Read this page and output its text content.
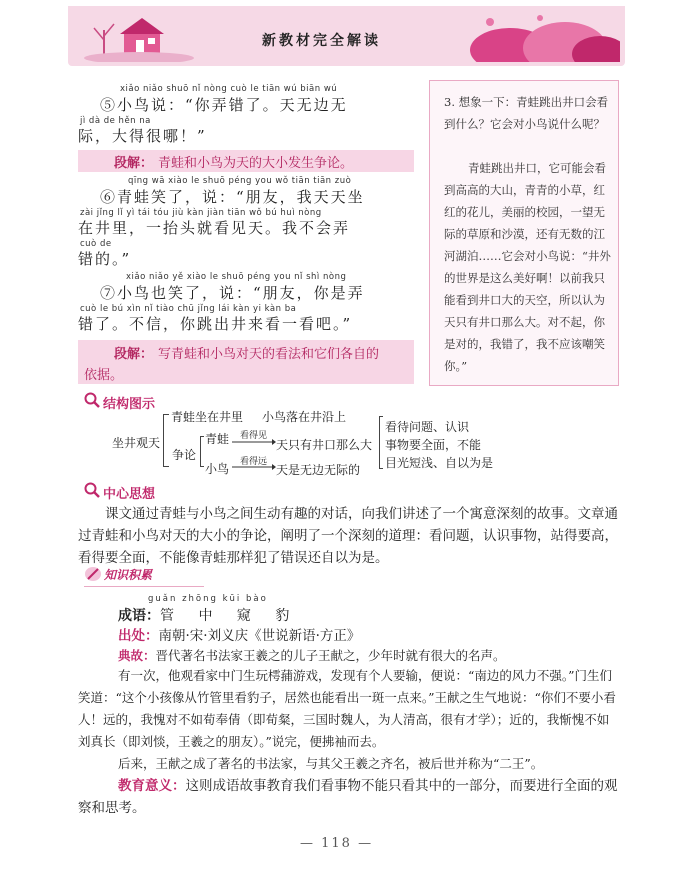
新教材完全解读
xiǎo niǎo shuō nǐ nòng cuò le tiān wú biān wú
⑤小鸟说：“你弄错了。天无边无
jì dà de hěn na
际，大得很哪！”
段解： 青蛙和小鸟为天的大小发生争论。
qīng wā xiào le shuō péng you wǒ tiān tiān zuò
⑥青蛙笑了，说：“朋友，我天天坐
zài jǐng lǐ yì tái tóu jiù kàn jiàn tiān wǒ bú huì nòng
在井里，一抬头就看见天。我不会弄
cuò de
错的。”
xiǎo niǎo yě xiào le shuō péng you nǐ shì nòng
⑦小鸟也笑了，说：“朋友，你是弄
cuò le bú xìn nǐ tiào chū jǐng lái kàn yi kàn ba
错了。不信，你跳出井来看一看吧。”
段解： 写青蛙和小鸟对天的看法和它们各自的
依据。
3. 想象一下：青蛙跳出井口会看到什么？它会对小鸟说什么呢？
青蛙跳出井口，它可能会看到高高的大山，青青的小草，红红的花儿，美丽的校园，一望无际的草原和沙漠，还有无数的江河湖泊……它会对小鸟说：“井外的世界是这么美好啊！以前我只能看到井口大的天空，所以认为天只有井口那么大。对不起，你是对的，我错了，我不应该嘲笑你。”
结构图示
坐井观天
青蛙坐在井里 小鸟落在井沿上
争论
青蛙
小鸟
看得见
看得远
天只有井口那么大
天是无边无际的
看待问题、认识
事物要全面，不能
目光短浅、自以为是
中心思想
课文通过青蛙与小鸟之间生动有趣的对话，向我们讲述了一个寓意深刻的故事。文章通过青蛙和小鸟对天的大小的争论，阐明了一个深刻的道理：看问题，认识事物，站得要高，看得要全面，不能像青蛙那样犯了错误还自以为是。
知识积累
guǎn zhōng kūi bào
成语： 管 中 窥 豹
出处：南朝·宋·刘义庆《世说新语·方正》
典故：晋代著名书法家王羲之的儿子王献之，少年时就有很大的名声。
有一次，他观看家中门生玩樗蒱游戏，发现有个人要输，便说：“南边的风力不强。”门生们笑道：“这个小孩像从竹管里看豹子，居然也能看出一斑一点来。”王献之生气地说：“你们不要小看人！远的，我愧对不如荀奉倩（即荀粲，三国时魏人，为人清高，很有才学）；近的，我惭愧不如刘真长（即刘惔，王羲之的朋友）。”说完，便拂袖而去。
后来，王献之成了著名的书法家，与其父王羲之齐名，被后世并称为“二王”。
教育意义：这则成语故事教育我们看事物不能只看其中的一部分，而要进行全面的观察和思考。
— 118 —
